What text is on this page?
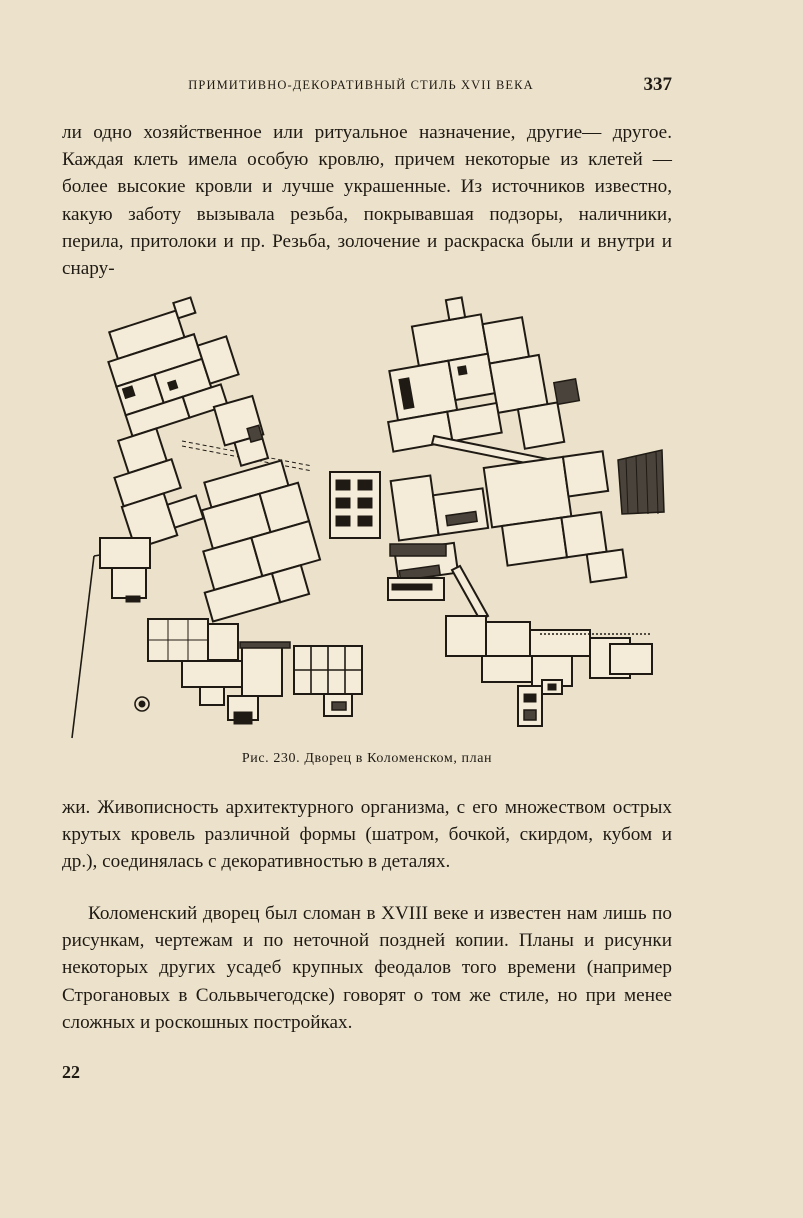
ПРИМИТИВНО-ДЕКОРАТИВНЫЙ СТИЛЬ XVII ВЕКА	337

ли одно хозяйственное или ритуальное назначение, другие— другое. Каждая клеть имела особую кровлю, причем некоторые из клетей — более высокие кровли и лучше украшенные. Из источников известно, какую заботу вызывала резьба, покрывавшая подзоры, наличники, перила, притолоки и пр. Резьба, золочение и раскраска были и внутри и снару-

Рис. 230. Дворец в Коломенском, план

жи. Живописность архитектурного организма, с его множеством острых крутых кровель различной формы (шатром, бочкой, скирдом, кубом и др.), соединялась с декоративностью в деталях.

Коломенский дворец был сломан в XVIII веке и известен нам лишь по рисункам, чертежам и по неточной поздней копии. Планы и рисунки некоторых других усадеб крупных феодалов того времени (например Строгановых в Сольвычегодске) говорят о том же стиле, но при менее сложных и роскошных постройках.

22
